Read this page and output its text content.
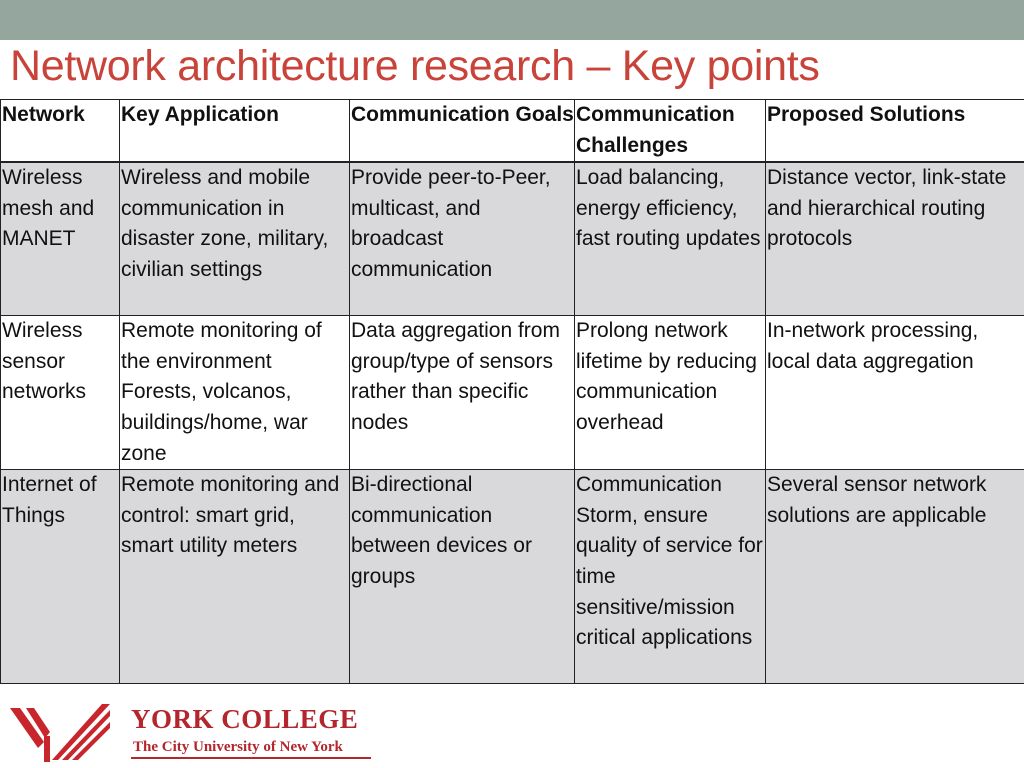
Network architecture research – Key points
Network	Key Application	Communication Goals	Communication Challenges	Proposed Solutions
Wireless mesh and MANET	Wireless and mobile communication in disaster zone, military, civilian settings	Provide peer-to-Peer, multicast, and broadcast communication	Load balancing, energy efficiency, fast routing updates	Distance vector, link-state and hierarchical routing protocols
Wireless sensor networks	Remote monitoring of the environment Forests, volcanos, buildings/home, war zone	Data aggregation from group/type of sensors rather than specific nodes	Prolong network lifetime by reducing communication overhead	In-network processing, local data aggregation
Internet of Things	Remote monitoring and control: smart grid, smart utility meters	Bi-directional communication between devices or groups	Communication Storm, ensure quality of service for time sensitive/mission critical applications	Several sensor network solutions are applicable
YORK COLLEGE
The City University of New York
